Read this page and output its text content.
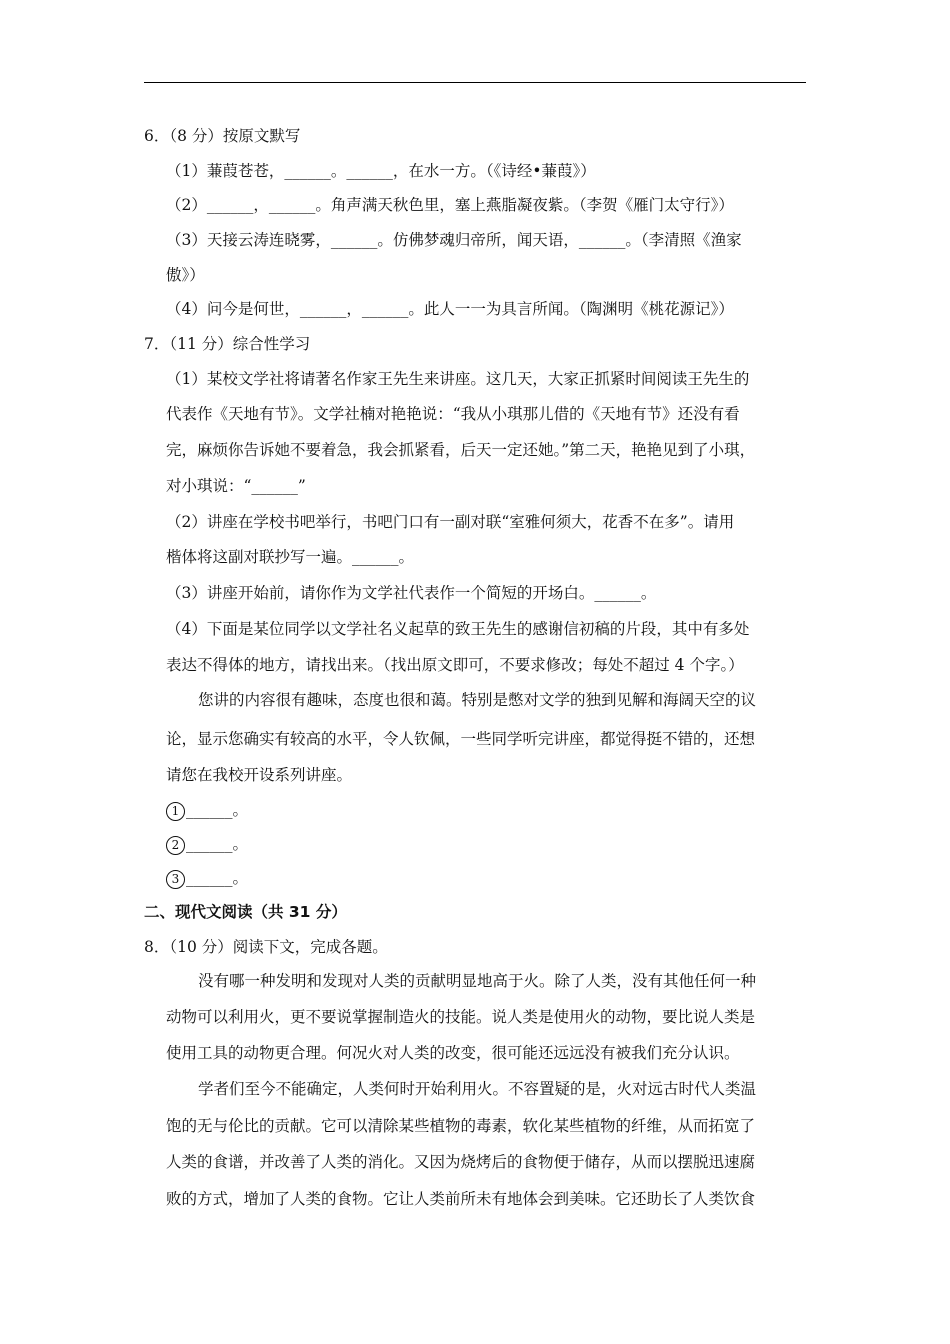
6．（8 分）按原文默写
（1）蒹葭苍苍，______。______，在水一方。（《诗经•蒹葭》）
（2）______，______。角声满天秋色里，塞上燕脂凝夜紫。（李贺《雁门太守行》）
（3）天接云涛连晓雾，______。仿佛梦魂归帝所，闻天语，______。（李清照《渔家
傲》）
（4）问今是何世，______，______。此人一一为具言所闻。（陶渊明《桃花源记》）
7．（11 分）综合性学习
（1）某校文学社将请著名作家王先生来讲座。这几天，大家正抓紧时间阅读王先生的
代表作《天地有节》。文学社楠对艳艳说：“我从小琪那儿借的《天地有节》还没有看
完，麻烦你告诉她不要着急，我会抓紧看，后天一定还她。”第二天，艳艳见到了小琪，
对小琪说：“______”
（2）讲座在学校书吧举行，书吧门口有一副对联“室雅何须大，花香不在多”。请用
楷体将这副对联抄写一遍。______。
（3）讲座开始前，请你作为文学社代表作一个简短的开场白。______。
（4）下面是某位同学以文学社名义起草的致王先生的感谢信初稿的片段，其中有多处
表达不得体的地方，请找出来。（找出原文即可，不要求修改；每处不超过 4 个字。）
您讲的内容很有趣味，态度也很和蔼。特别是憋对文学的独到见解和海阔天空的议
论，显示您确实有较高的水平，令人钦佩，一些同学听完讲座，都觉得挺不错的，还想
请您在我校开设系列讲座。
1 ______。
2 ______。
3 ______。
二、现代文阅读（共 31 分）
8．（10 分）阅读下文，完成各题。
没有哪一种发明和发现对人类的贡献明显地高于火。除了人类，没有其他任何一种
动物可以利用火，更不要说掌握制造火的技能。说人类是使用火的动物，要比说人类是
使用工具的动物更合理。何况火对人类的改变，很可能还远远没有被我们充分认识。
学者们至今不能确定，人类何时开始利用火。不容置疑的是，火对远古时代人类温
饱的无与伦比的贡献。它可以清除某些植物的毒素，软化某些植物的纤维，从而拓宽了
人类的食谱，并改善了人类的消化。又因为烧烤后的食物便于储存，从而以摆脱迅速腐
败的方式，增加了人类的食物。它让人类前所未有地体会到美味。它还助长了人类饮食
